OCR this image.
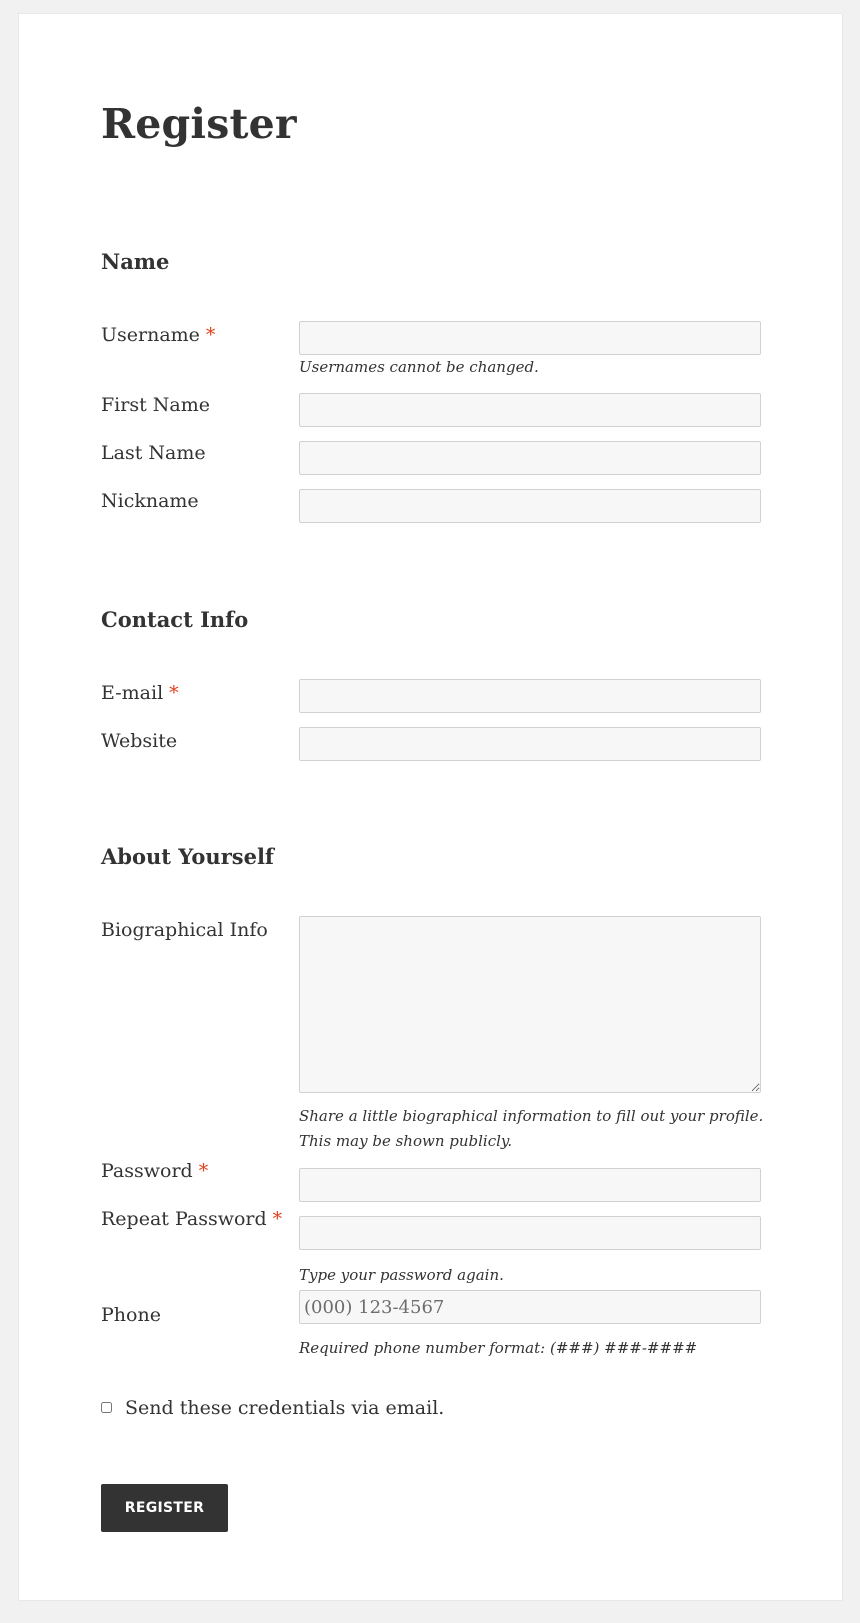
Register
Name
Username *
Usernames cannot be changed.
First Name
Last Name
Nickname
Contact Info
E-mail *
Website
About Yourself
Biographical Info
Share a little biographical information to fill out your profile.
This may be shown publicly.
Password *
Repeat Password *
Type your password again.
Phone
(000) 123-4567
Required phone number format: (###) ###-####
Send these credentials via email.
REGISTER
